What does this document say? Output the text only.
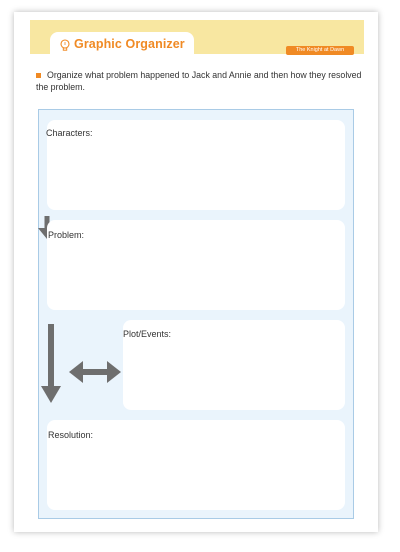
Graphic Organizer	The Knight at Dawn
Organize what problem happened to Jack and Annie and then how they resolved the problem.
Characters:
Problem:
Plot/Events:
Resolution:
